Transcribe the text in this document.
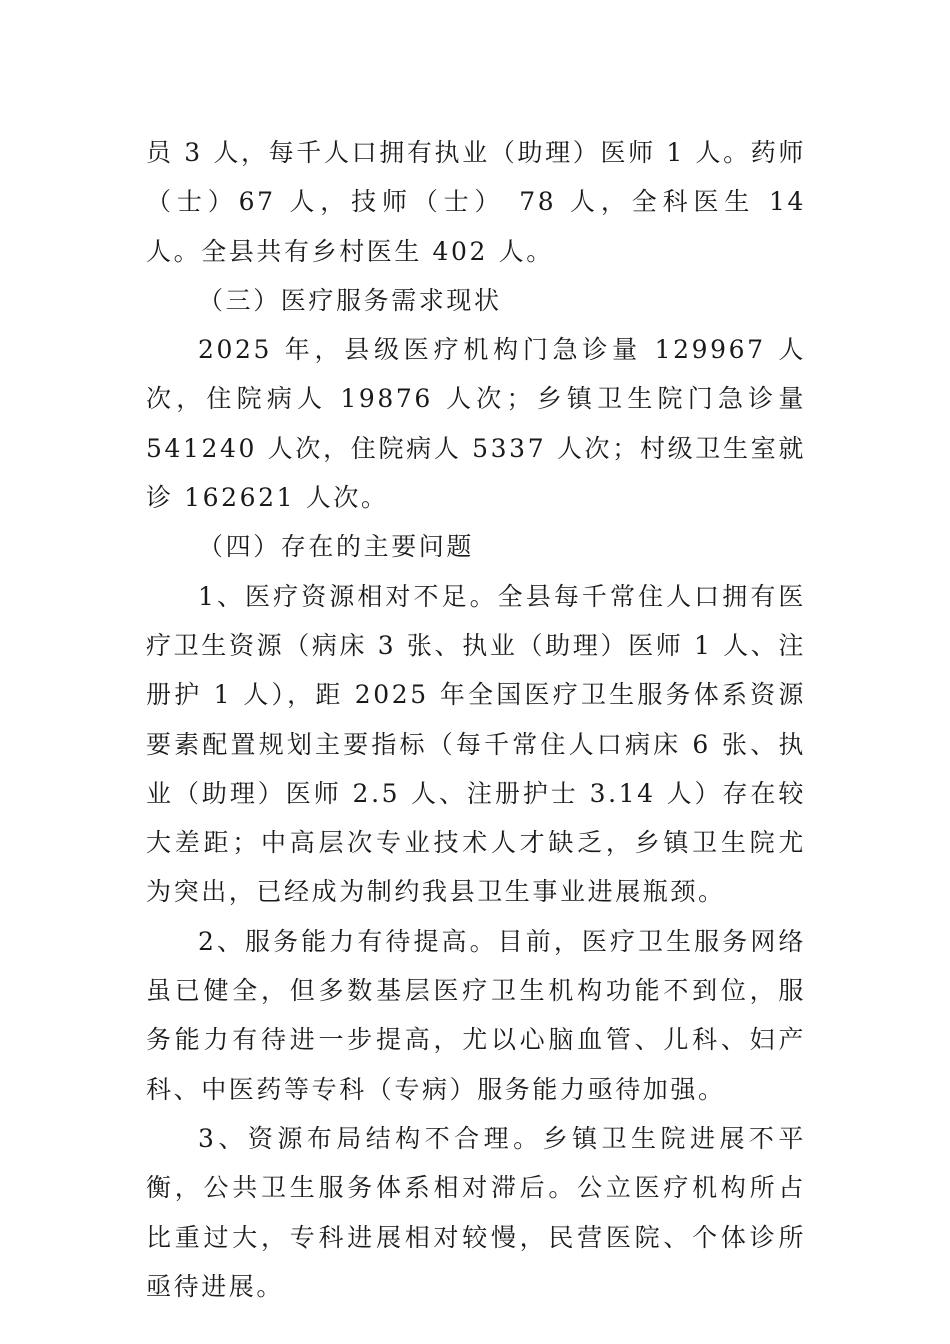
员 3 人，每千人口拥有执业（助理）医师 1 人。药师（士）67 人，技师（士） 78 人，全科医生 14 人。全县共有乡村医生 402 人。

（三）医疗服务需求现状

2025 年，县级医疗机构门急诊量 129967 人次，住院病人 19876 人次；乡镇卫生院门急诊量 541240 人次，住院病人 5337 人次；村级卫生室就诊 162621 人次。

（四）存在的主要问题

1、医疗资源相对不足。全县每千常住人口拥有医疗卫生资源（病床 3 张、执业（助理）医师 1 人、注册护 1 人），距 2025 年全国医疗卫生服务体系资源要素配置规划主要指标（每千常住人口病床 6 张、执业（助理）医师 2.5 人、注册护士 3.14 人）存在较大差距；中高层次专业技术人才缺乏，乡镇卫生院尤为突出，已经成为制约我县卫生事业进展瓶颈。

2、服务能力有待提高。目前，医疗卫生服务网络虽已健全，但多数基层医疗卫生机构功能不到位，服务能力有待进一步提高，尤以心脑血管、儿科、妇产科、中医药等专科（专病）服务能力亟待加强。

3、资源布局结构不合理。乡镇卫生院进展不平衡，公共卫生服务体系相对滞后。公立医疗机构所占比重过大，专科进展相对较慢，民营医院、个体诊所亟待进展。
